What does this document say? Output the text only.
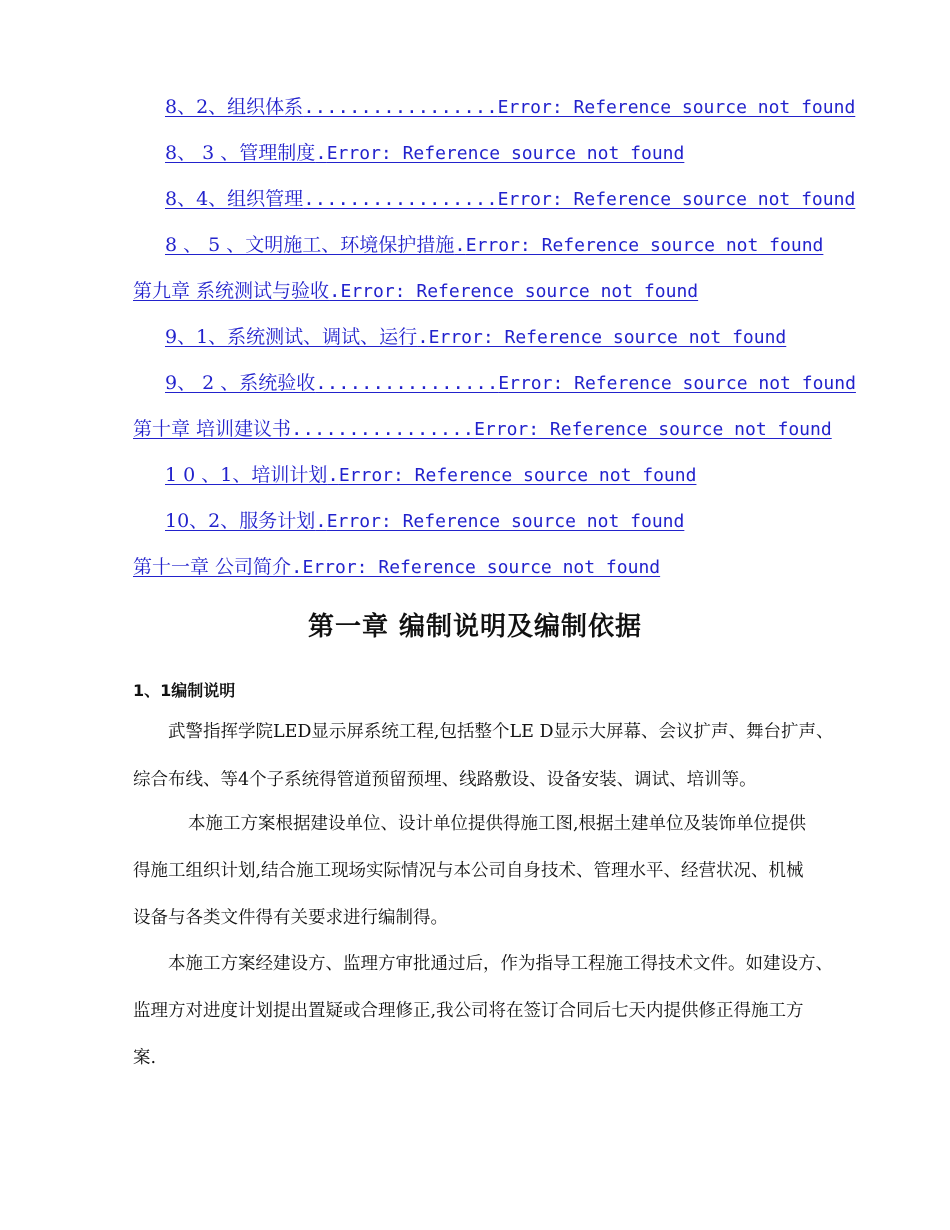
8、2、组织体系.................Error: Reference source not found
8、 3 、管理制度.Error: Reference source not found
8、4、组织管理.................Error: Reference source not found
8 、 5 、文明施工、环境保护措施.Error: Reference source not found
第九章 系统测试与验收.Error: Reference source not found
9、1、系统测试、调试、运行.Error: Reference source not found
9、 2 、系统验收................Error: Reference source not found
第十章 培训建议书................Error: Reference source not found
1 0 、1、培训计划.Error: Reference source not found
10、2、服务计划.Error: Reference source not found
第十一章 公司简介.Error: Reference source not found
第一章 编制说明及编制依据
1、1编制说明
武警指挥学院LED显示屏系统工程,包括整个LE D显示大屏幕、会议扩声、舞台扩声、
综合布线、等4个子系统得管道预留预埋、线路敷设、设备安装、调试、培训等。
本施工方案根据建设单位、设计单位提供得施工图,根据土建单位及装饰单位提供
得施工组织计划,结合施工现场实际情况与本公司自身技术、管理水平、经营状况、机械
设备与各类文件得有关要求进行编制得。
本施工方案经建设方、监理方审批通过后，作为指导工程施工得技术文件。如建设方、
监理方对进度计划提出置疑或合理修正,我公司将在签订合同后七天内提供修正得施工方
案.
